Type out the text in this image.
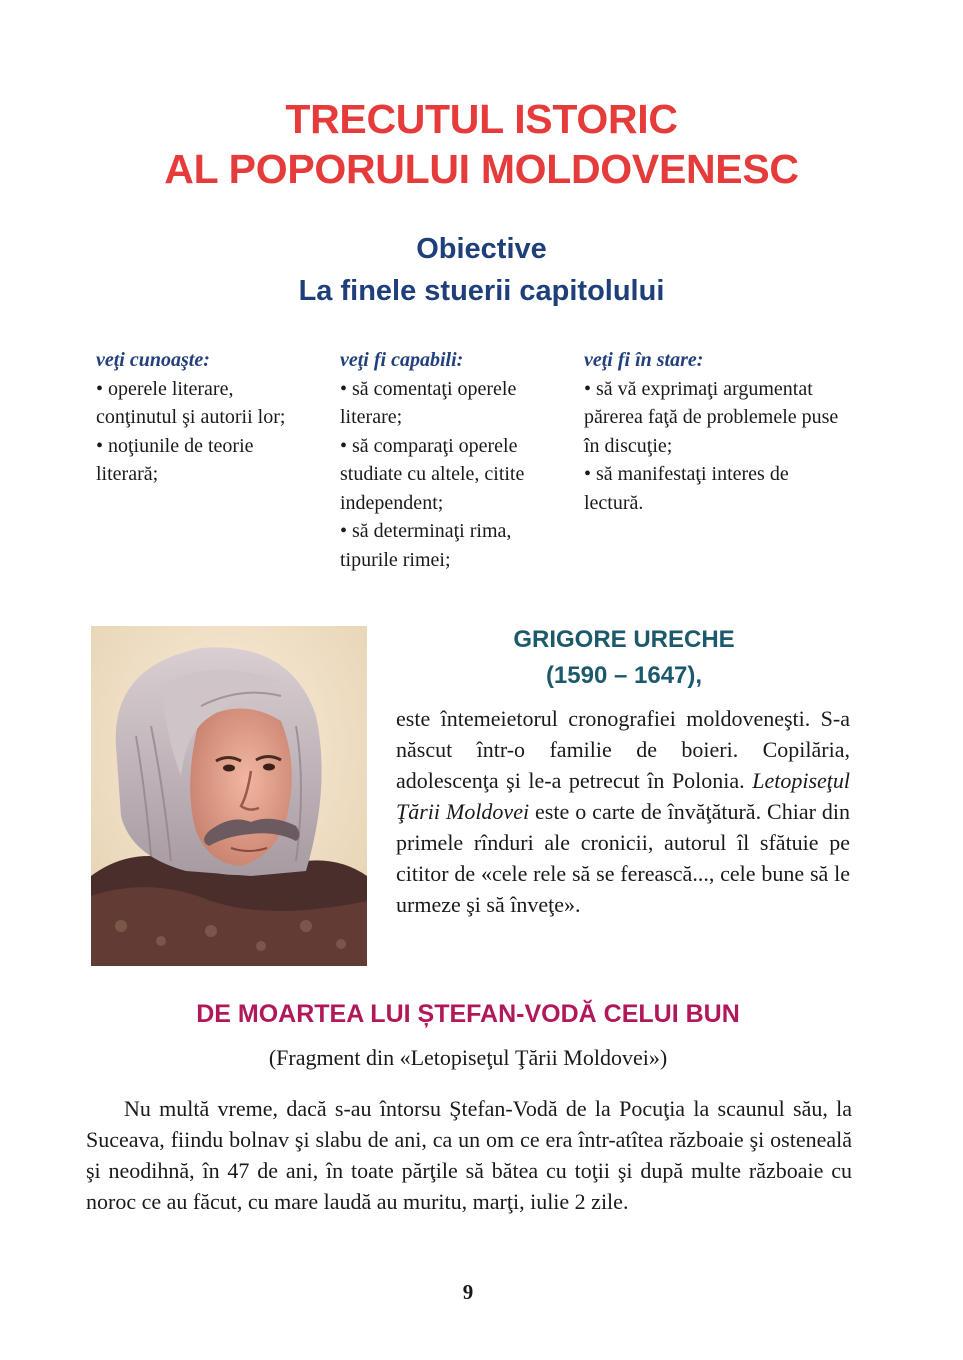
TRECUTUL ISTORIC
AL POPORULUI MOLDOVENESC
Obiective
La finele stuerii capitolului
veţi cunoaşte:
• operele literare, conţinutul şi autorii lor;
• noţiunile de teorie literară;
veţi fi capabili:
• să comentaţi operele literare;
• să comparaţi operele studiate cu altele, citite independent;
• să determinaţi rima, tipurile rimei;
veţi fi în stare:
• să vă exprimaţi argumentat părerea faţă de problemele puse în discuţie;
• să manifestaţi interes de lectură.
GRIGORE URECHE
(1590 – 1647),
este întemeietorul cronografiei moldoveneşti. S-a născut într-o familie de boieri. Copilăria, adolescenţa şi le-a petrecut în Polonia. Letopiseţul Ţării Moldovei este o carte de învăţătură. Chiar din primele rînduri ale cronicii, autorul îl sfătuie pe cititor de «cele rele să se ferească..., cele bune să le urmeze şi să înveţe».
DE MOARTEA LUI ȘTEFAN-VODĂ CELUI BUN
(Fragment din «Letopiseţul Ţării Moldovei»)
Nu multă vreme, dacă s-au întorsu Ştefan-Vodă de la Pocuţia la scaunul său, la Suceava, fiindu bolnav şi slabu de ani, ca un om ce era într-atîtea războaie şi osteneală şi neodihnă, în 47 de ani, în toate părţile să bătea cu toţii şi după multe războaie cu noroc ce au făcut, cu mare laudă au muritu, marţi, iulie 2 zile.
9
